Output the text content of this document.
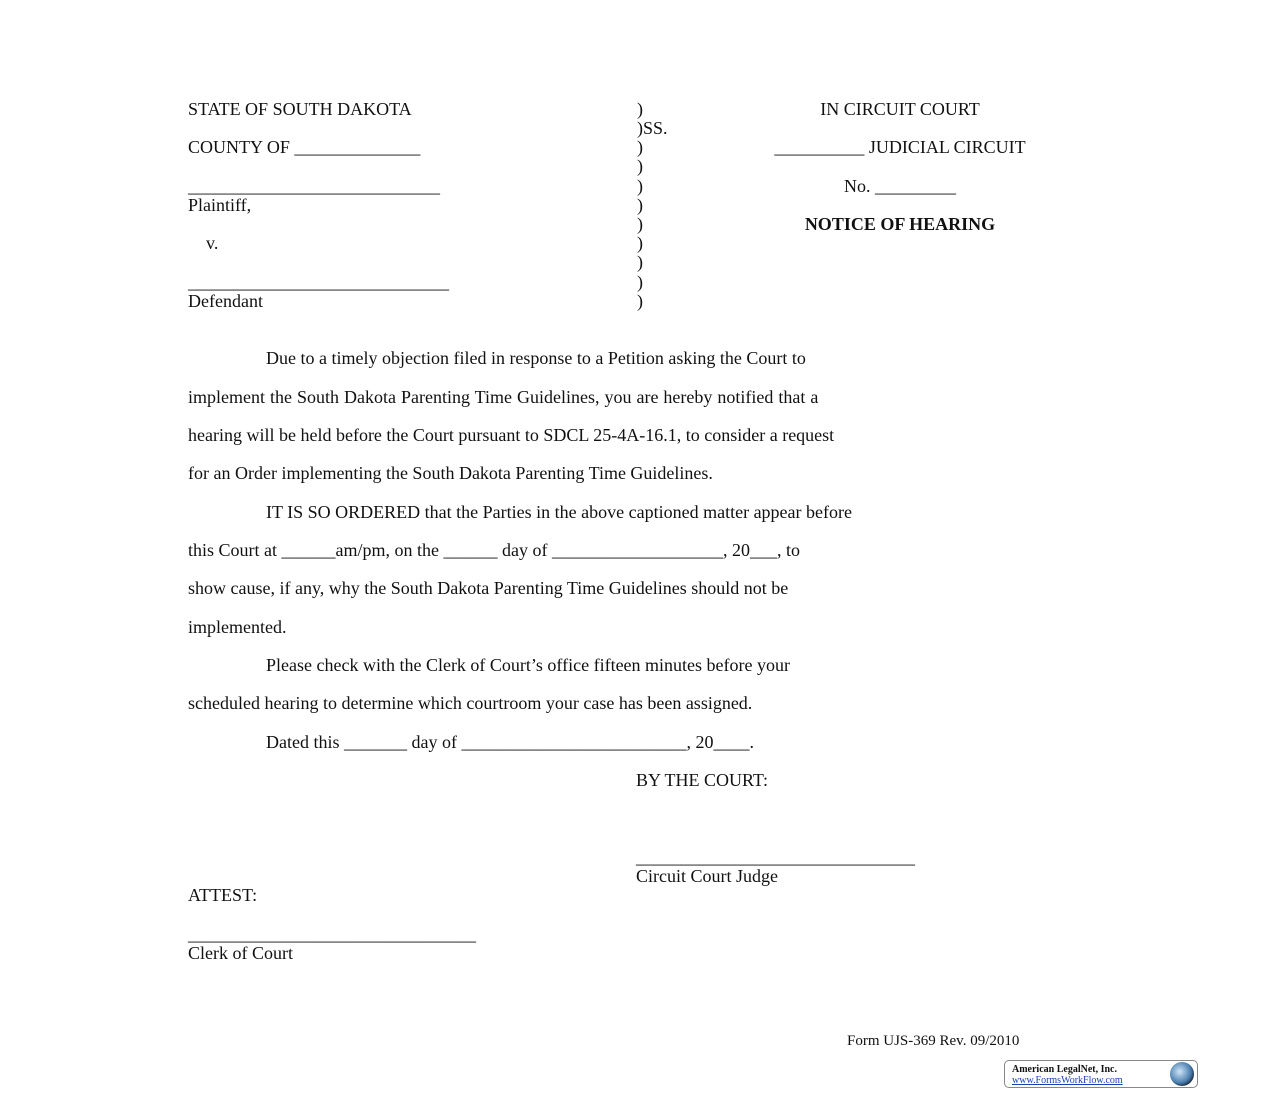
STATE OF SOUTH DAKOTA
COUNTY OF ______________
____________________________
Plaintiff,
v.
_____________________________
Defendant
)
)SS.
)
)
)
)
)
)
)
)
)
IN CIRCUIT COURT
__________ JUDICIAL CIRCUIT
No. _________
NOTICE OF HEARING
Due to a timely objection filed in response to a Petition asking the Court to
implement the South Dakota Parenting Time Guidelines, you are hereby notified that a
hearing will be held before the Court pursuant to SDCL 25-4A-16.1, to consider a request
for an Order implementing the South Dakota Parenting Time Guidelines.
IT IS SO ORDERED that the Parties in the above captioned matter appear before
this Court at ______am/pm, on the ______ day of ___________________, 20___, to
show cause, if any, why the South Dakota Parenting Time Guidelines should not be
implemented.
Please check with the Clerk of Court’s office fifteen minutes before your
scheduled hearing to determine which courtroom your case has been assigned.
Dated this _______ day of _________________________, 20____.
BY THE COURT:
_______________________________
Circuit Court Judge
ATTEST:
________________________________
Clerk of Court
Form UJS-369 Rev. 09/2010
American LegalNet, Inc.
www.FormsWorkFlow.com
